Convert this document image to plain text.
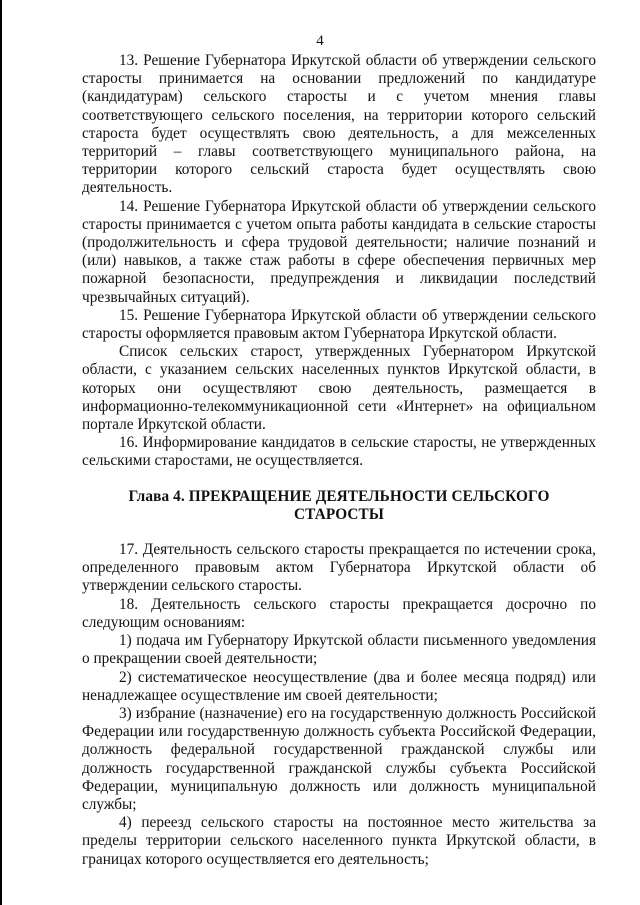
4

13. Решение Губернатора Иркутской области об утверждении сельского старосты принимается на основании предложений по кандидатуре (кандидатурам) сельского старосты и с учетом мнения главы соответствующего сельского поселения, на территории которого сельский староста будет осуществлять свою деятельность, а для межселенных территорий – главы соответствующего муниципального района, на территории которого сельский староста будет осуществлять свою деятельность.

14. Решение Губернатора Иркутской области об утверждении сельского старосты принимается с учетом опыта работы кандидата в сельские старосты (продолжительность и сфера трудовой деятельности; наличие познаний и (или) навыков, а также стаж работы в сфере обеспечения первичных мер пожарной безопасности, предупреждения и ликвидации последствий чрезвычайных ситуаций).

15. Решение Губернатора Иркутской области об утверждении сельского старосты оформляется правовым актом Губернатора Иркутской области.

Список сельских старост, утвержденных Губернатором Иркутской области, с указанием сельских населенных пунктов Иркутской области, в которых они осуществляют свою деятельность, размещается в информационно-телекоммуникационной сети «Интернет» на официальном портале Иркутской области.

16. Информирование кандидатов в сельские старосты, не утвержденных сельскими старостами, не осуществляется.

Глава 4. ПРЕКРАЩЕНИЕ ДЕЯТЕЛЬНОСТИ СЕЛЬСКОГО СТАРОСТЫ

17. Деятельность сельского старосты прекращается по истечении срока, определенного правовым актом Губернатора Иркутской области об утверждении сельского старосты.

18. Деятельность сельского старосты прекращается досрочно по следующим основаниям:

1) подача им Губернатору Иркутской области письменного уведомления о прекращении своей деятельности;

2) систематическое неосуществление (два и более месяца подряд) или ненадлежащее осуществление им своей деятельности;

3) избрание (назначение) его на государственную должность Российской Федерации или государственную должность субъекта Российской Федерации, должность федеральной государственной гражданской службы или должность государственной гражданской службы субъекта Российской Федерации, муниципальную должность или должность муниципальной службы;

4) переезд сельского старосты на постоянное место жительства за пределы территории сельского населенного пункта Иркутской области, в границах которого осуществляется его деятельность;
